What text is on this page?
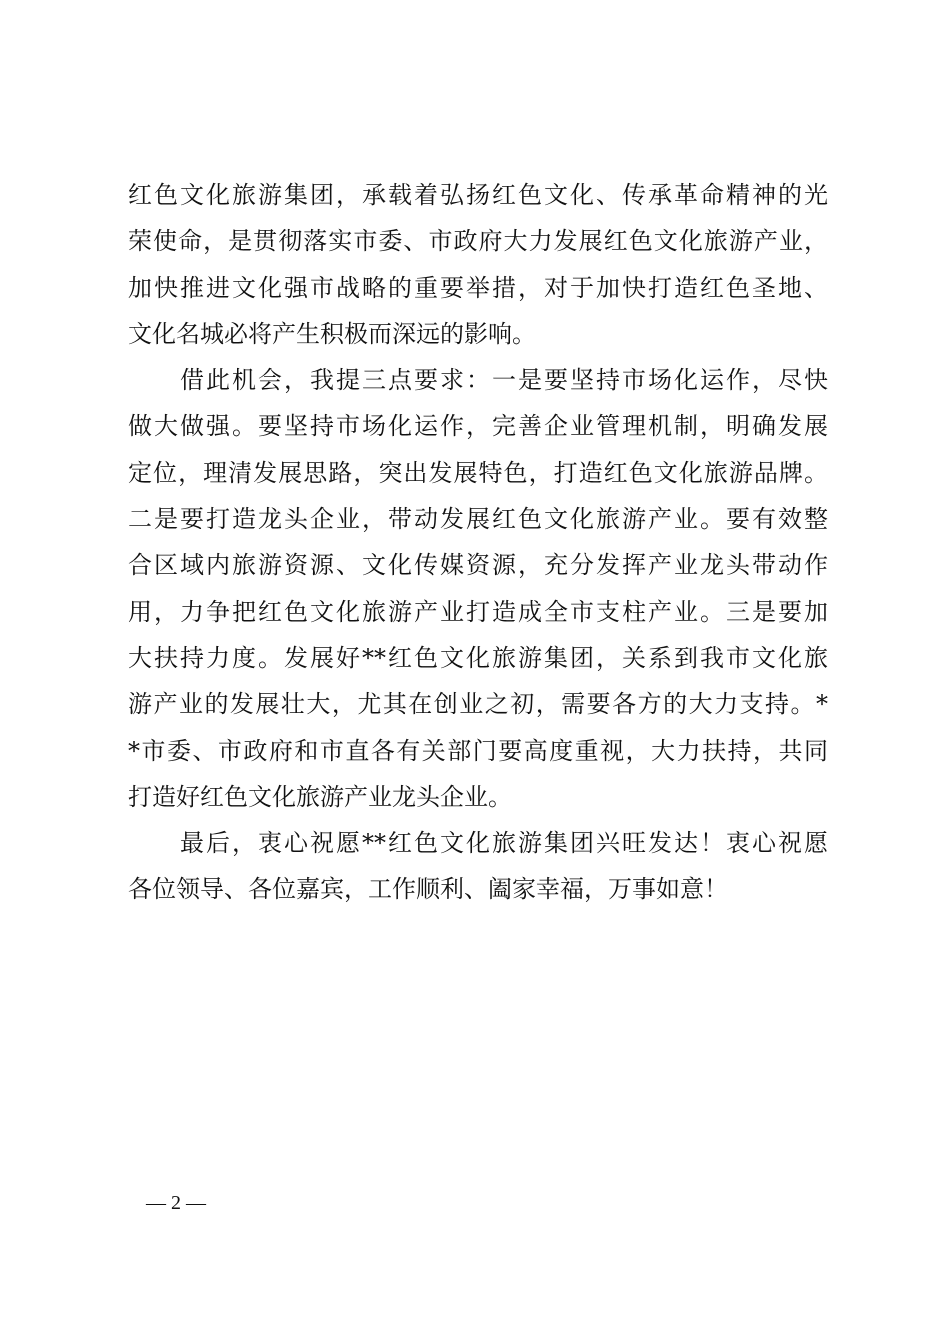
红色文化旅游集团，承载着弘扬红色文化、传承革命精神的光
荣使命，是贯彻落实市委、市政府大力发展红色文化旅游产业，
加快推进文化强市战略的重要举措，对于加快打造红色圣地、
文化名城必将产生积极而深远的影响。
借此机会，我提三点要求：一是要坚持市场化运作，尽快
做大做强。要坚持市场化运作，完善企业管理机制，明确发展
定位，理清发展思路，突出发展特色，打造红色文化旅游品牌。
二是要打造龙头企业，带动发展红色文化旅游产业。要有效整
合区域内旅游资源、文化传媒资源，充分发挥产业龙头带动作
用，力争把红色文化旅游产业打造成全市支柱产业。三是要加
大扶持力度。发展好**红色文化旅游集团，关系到我市文化旅
游产业的发展壮大，尤其在创业之初，需要各方的大力支持。*
*市委、市政府和市直各有关部门要高度重视，大力扶持，共同
打造好红色文化旅游产业龙头企业。
最后，衷心祝愿**红色文化旅游集团兴旺发达！衷心祝愿
各位领导、各位嘉宾，工作顺利、阖家幸福，万事如意！
— 2 —
